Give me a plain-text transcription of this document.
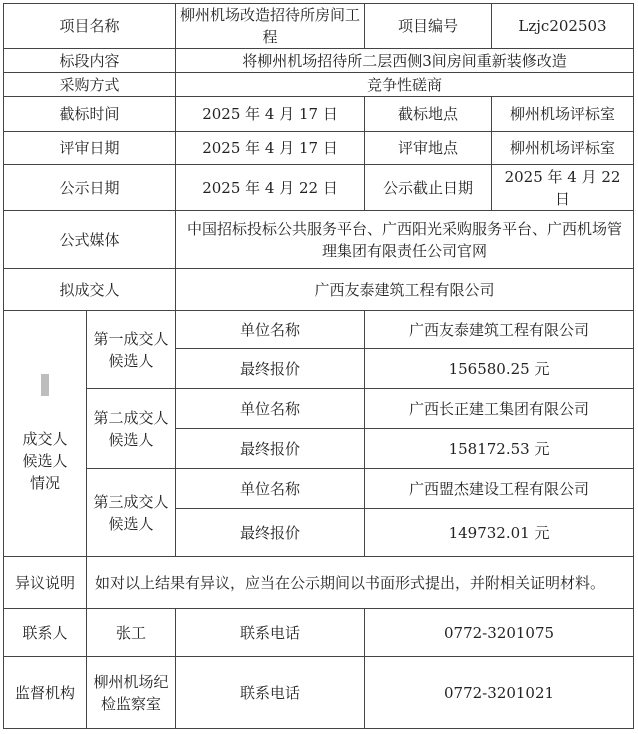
项目名称		柳州机场改造招待所房间工程	项目编号	Lzjc202503
标段内容		将柳州机场招待所二层西侧3间房间重新装修改造		
采购方式		竞争性磋商		
截标时间		2025 年 4 月 17 日	截标地点	柳州机场评标室
评审日期		2025 年 4 月 17 日	评审地点	柳州机场评标室
公示日期		2025 年 4 月 22 日	公示截止日期	2025 年 4 月 22 日
公式媒体		中国招标投标公共服务平台、广西阳光采购服务平台、广西机场管理集团有限责任公司官网		
拟成交人		广西友泰建筑工程有限公司		

成交人候选人情况	第一成交人候选人	单位名称	广西友泰建筑工程有限公司	
		最终报价	156580.25 元	
	第二成交人候选人	单位名称	广西长正建工集团有限公司	
		最终报价	158172.53 元	
	第三成交人候选人	单位名称	广西盟杰建设工程有限公司	
		最终报价	149732.01 元	
异议说明	如对以上结果有异议，应当在公示期间以书面形式提出，并附相关证明材料。			
联系人	张工	联系电话	0772-3201075	
监督机构	柳州机场纪检监察室	联系电话	0772-3201021	
